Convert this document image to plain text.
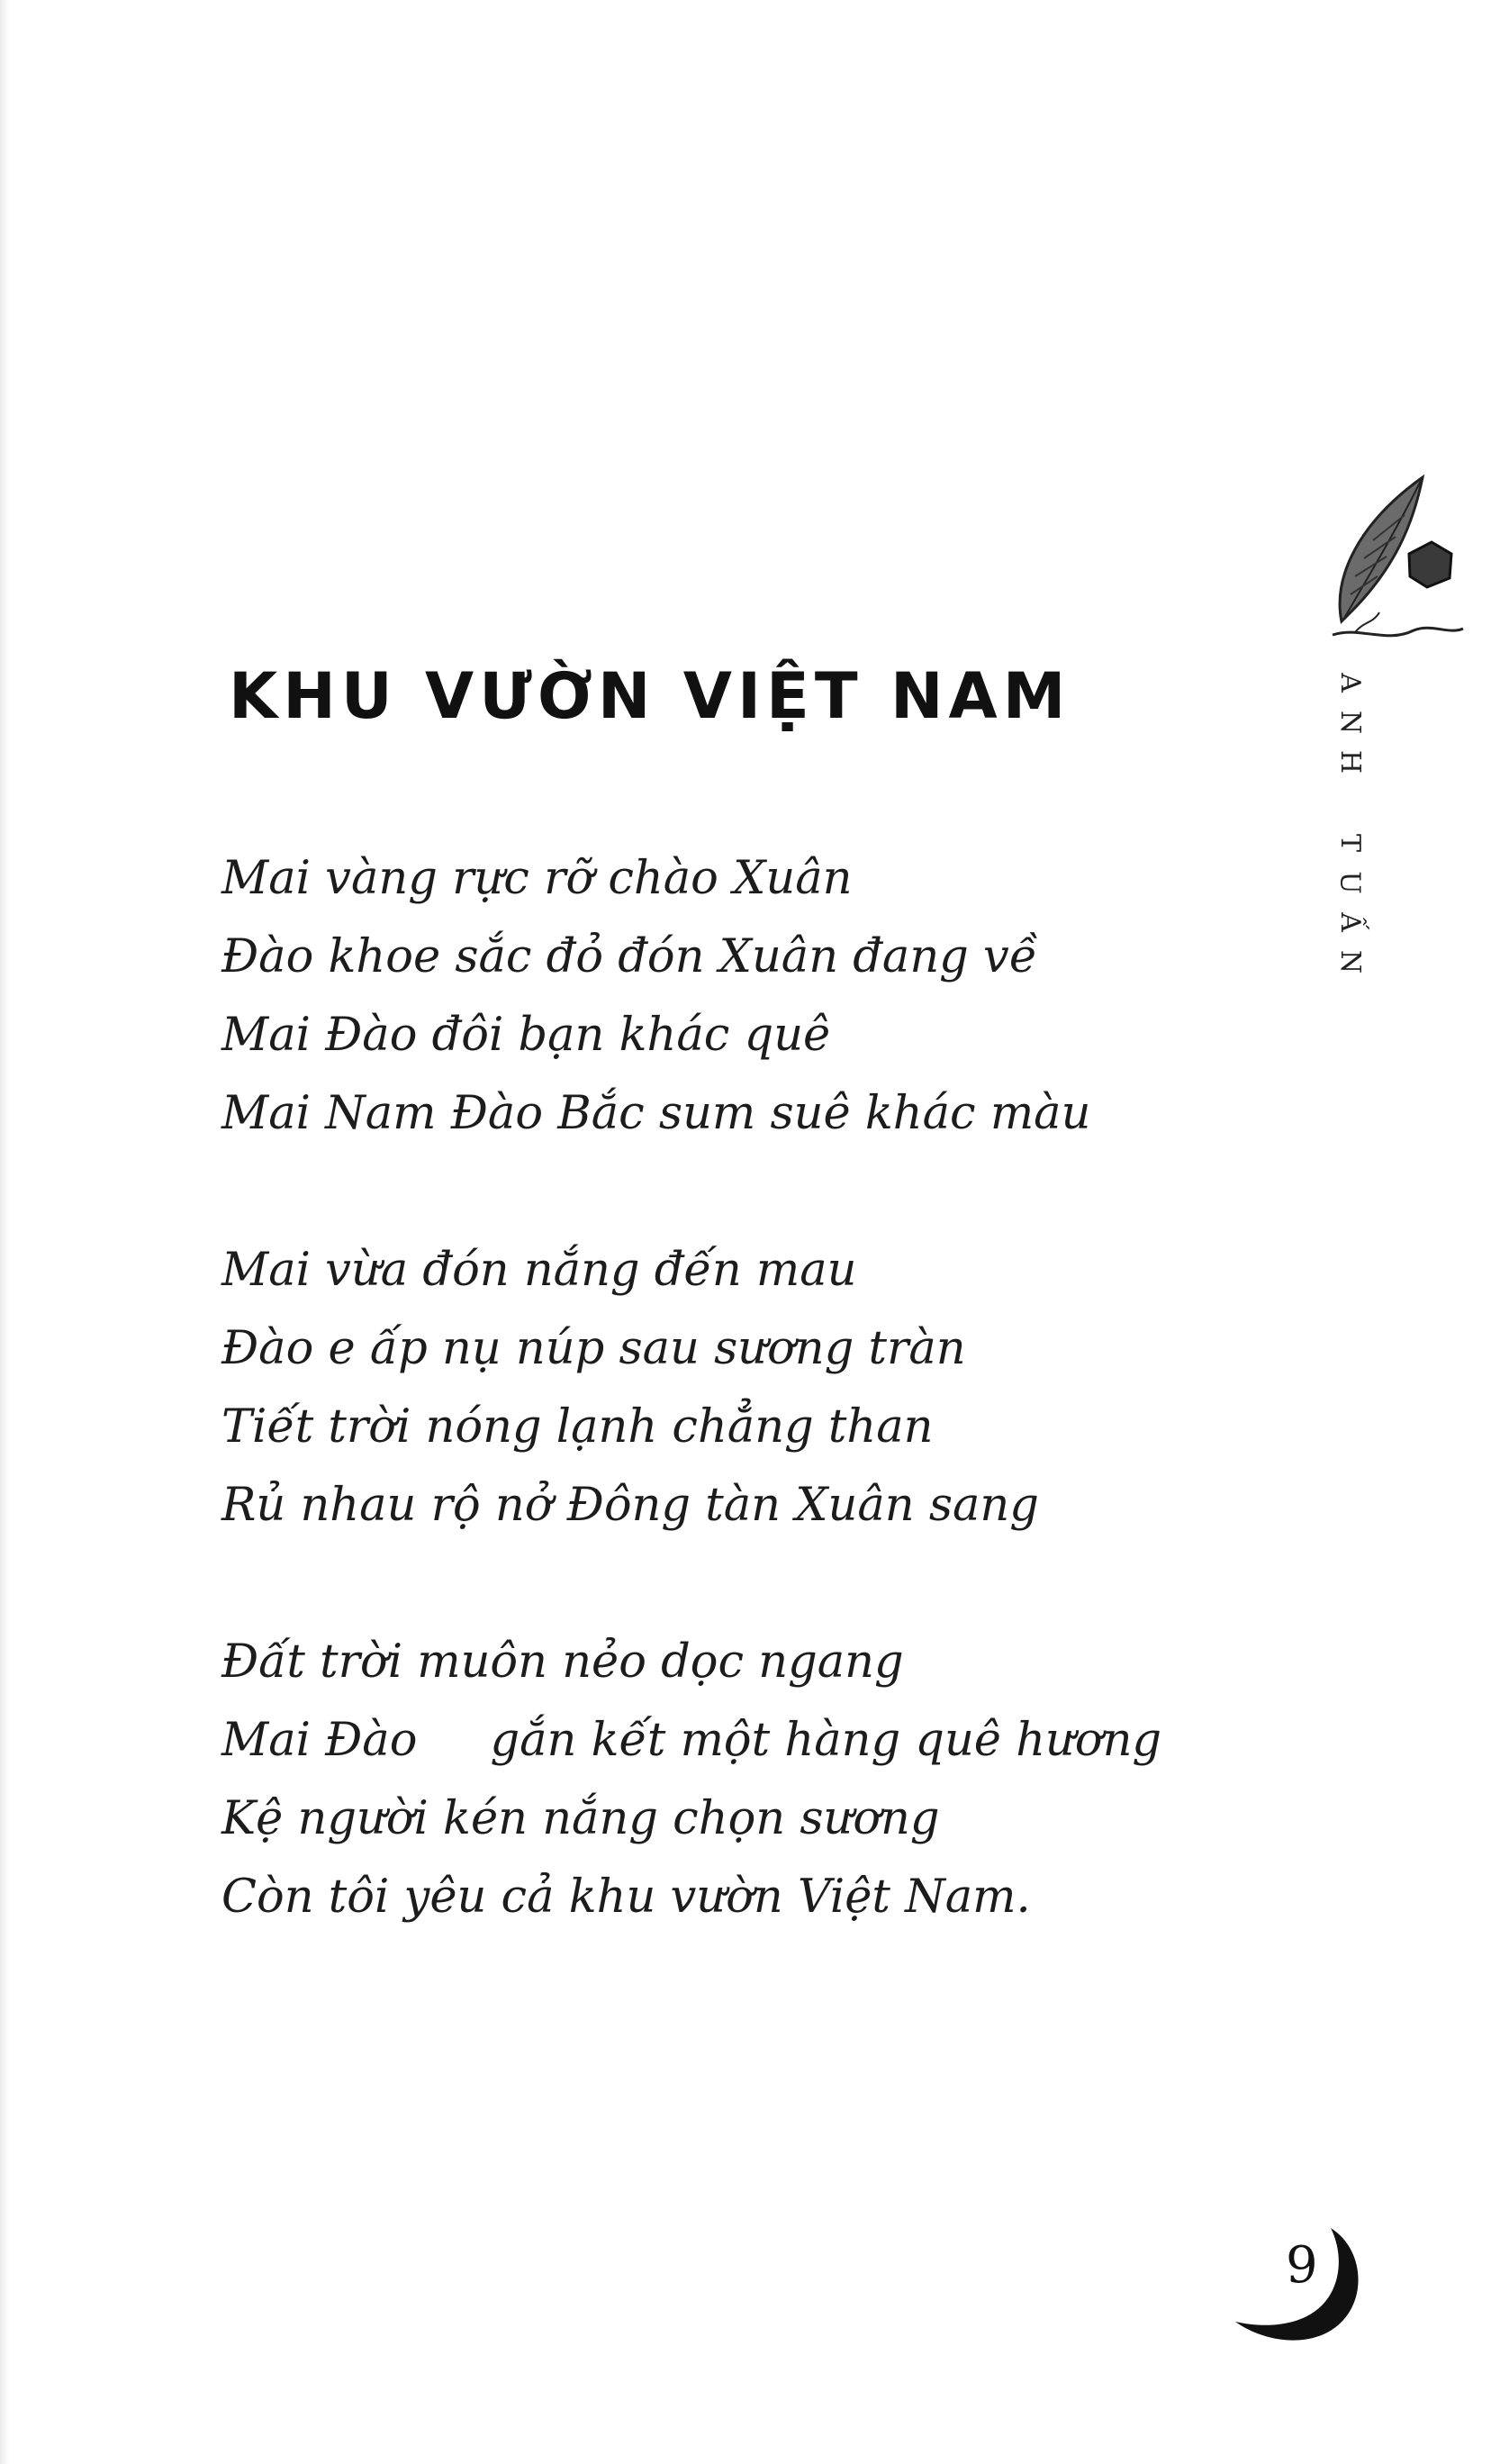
KHU VƯỜN VIỆT NAM	A
N
H
T
U
Ấ
N
Mai vàng rực rỡ chào Xuân
Đào khoe sắc đỏ đón Xuân đang về
Mai Đào đôi bạn khác quê
Mai Nam Đào Bắc sum suê khác màu
Mai vừa đón nắng đến mau
Đào e ấp nụ núp sau sương tràn
Tiết trời nóng lạnh chẳng than
Rủ nhau rộ nở Đông tàn Xuân sang
Đất trời muôn nẻo dọc ngang
Mai Đào     gắn kết một hàng quê hương
Kệ người kén nắng chọn sương
Còn tôi yêu cả khu vườn Việt Nam.
9
